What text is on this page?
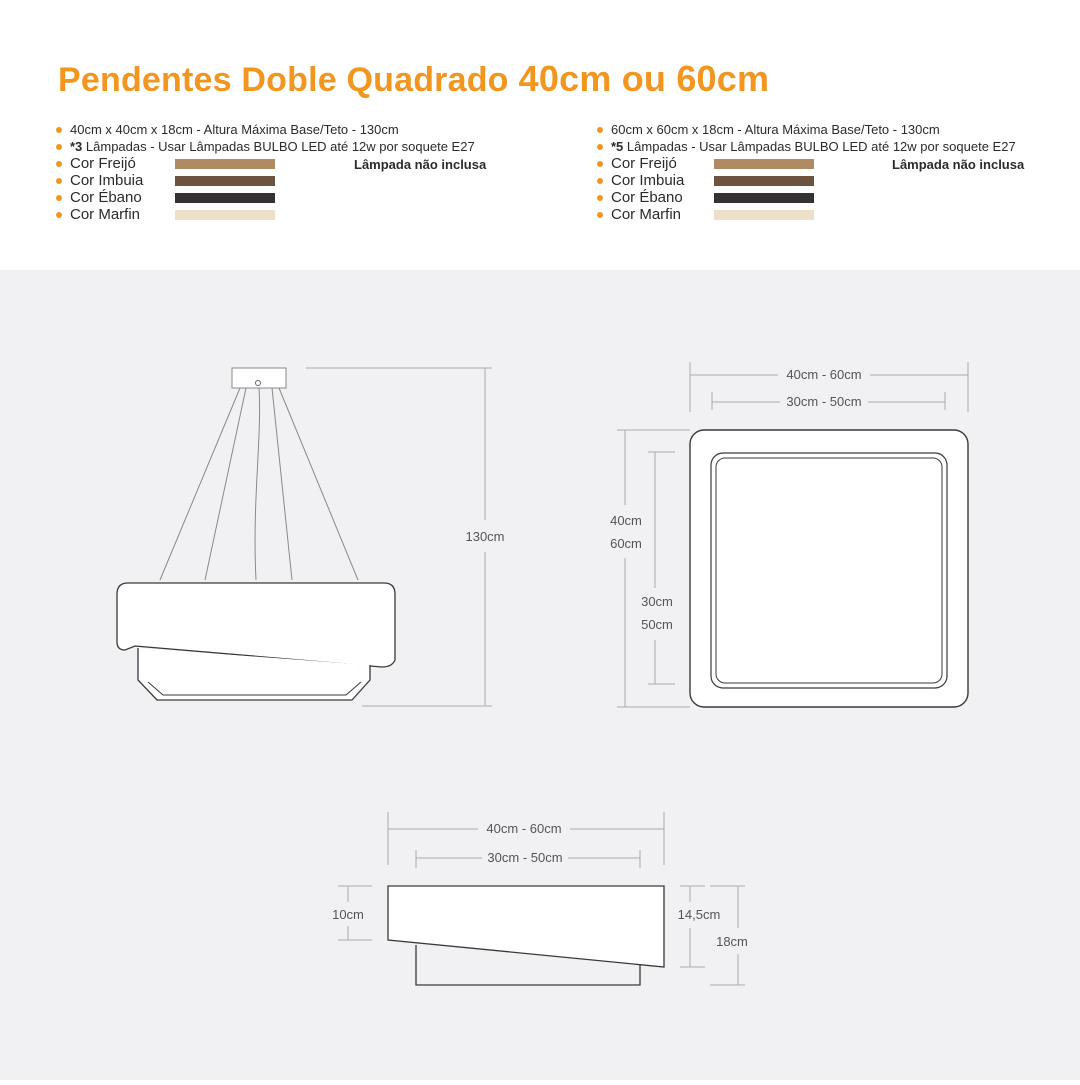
Pendentes Doble Quadrado 40cm ou 60cm
40cm x 40cm x 18cm - Altura Máxima Base/Teto - 130cm
*3 Lâmpadas - Usar Lâmpadas BULBO LED até 12w por soquete E27
Cor Freijó	Lâmpada não inclusa
Cor Imbuia
Cor Ébano
Cor Marfin
60cm x 60cm x 18cm - Altura Máxima Base/Teto - 130cm
*5 Lâmpadas - Usar Lâmpadas BULBO LED até 12w por soquete E27
Cor Freijó	Lâmpada não inclusa
Cor Imbuia
Cor Ébano
Cor Marfin
130cm
40cm - 60cm
30cm - 50cm
40cm
60cm
30cm
50cm
40cm - 60cm
30cm - 50cm
10cm	14,5cm
18cm
